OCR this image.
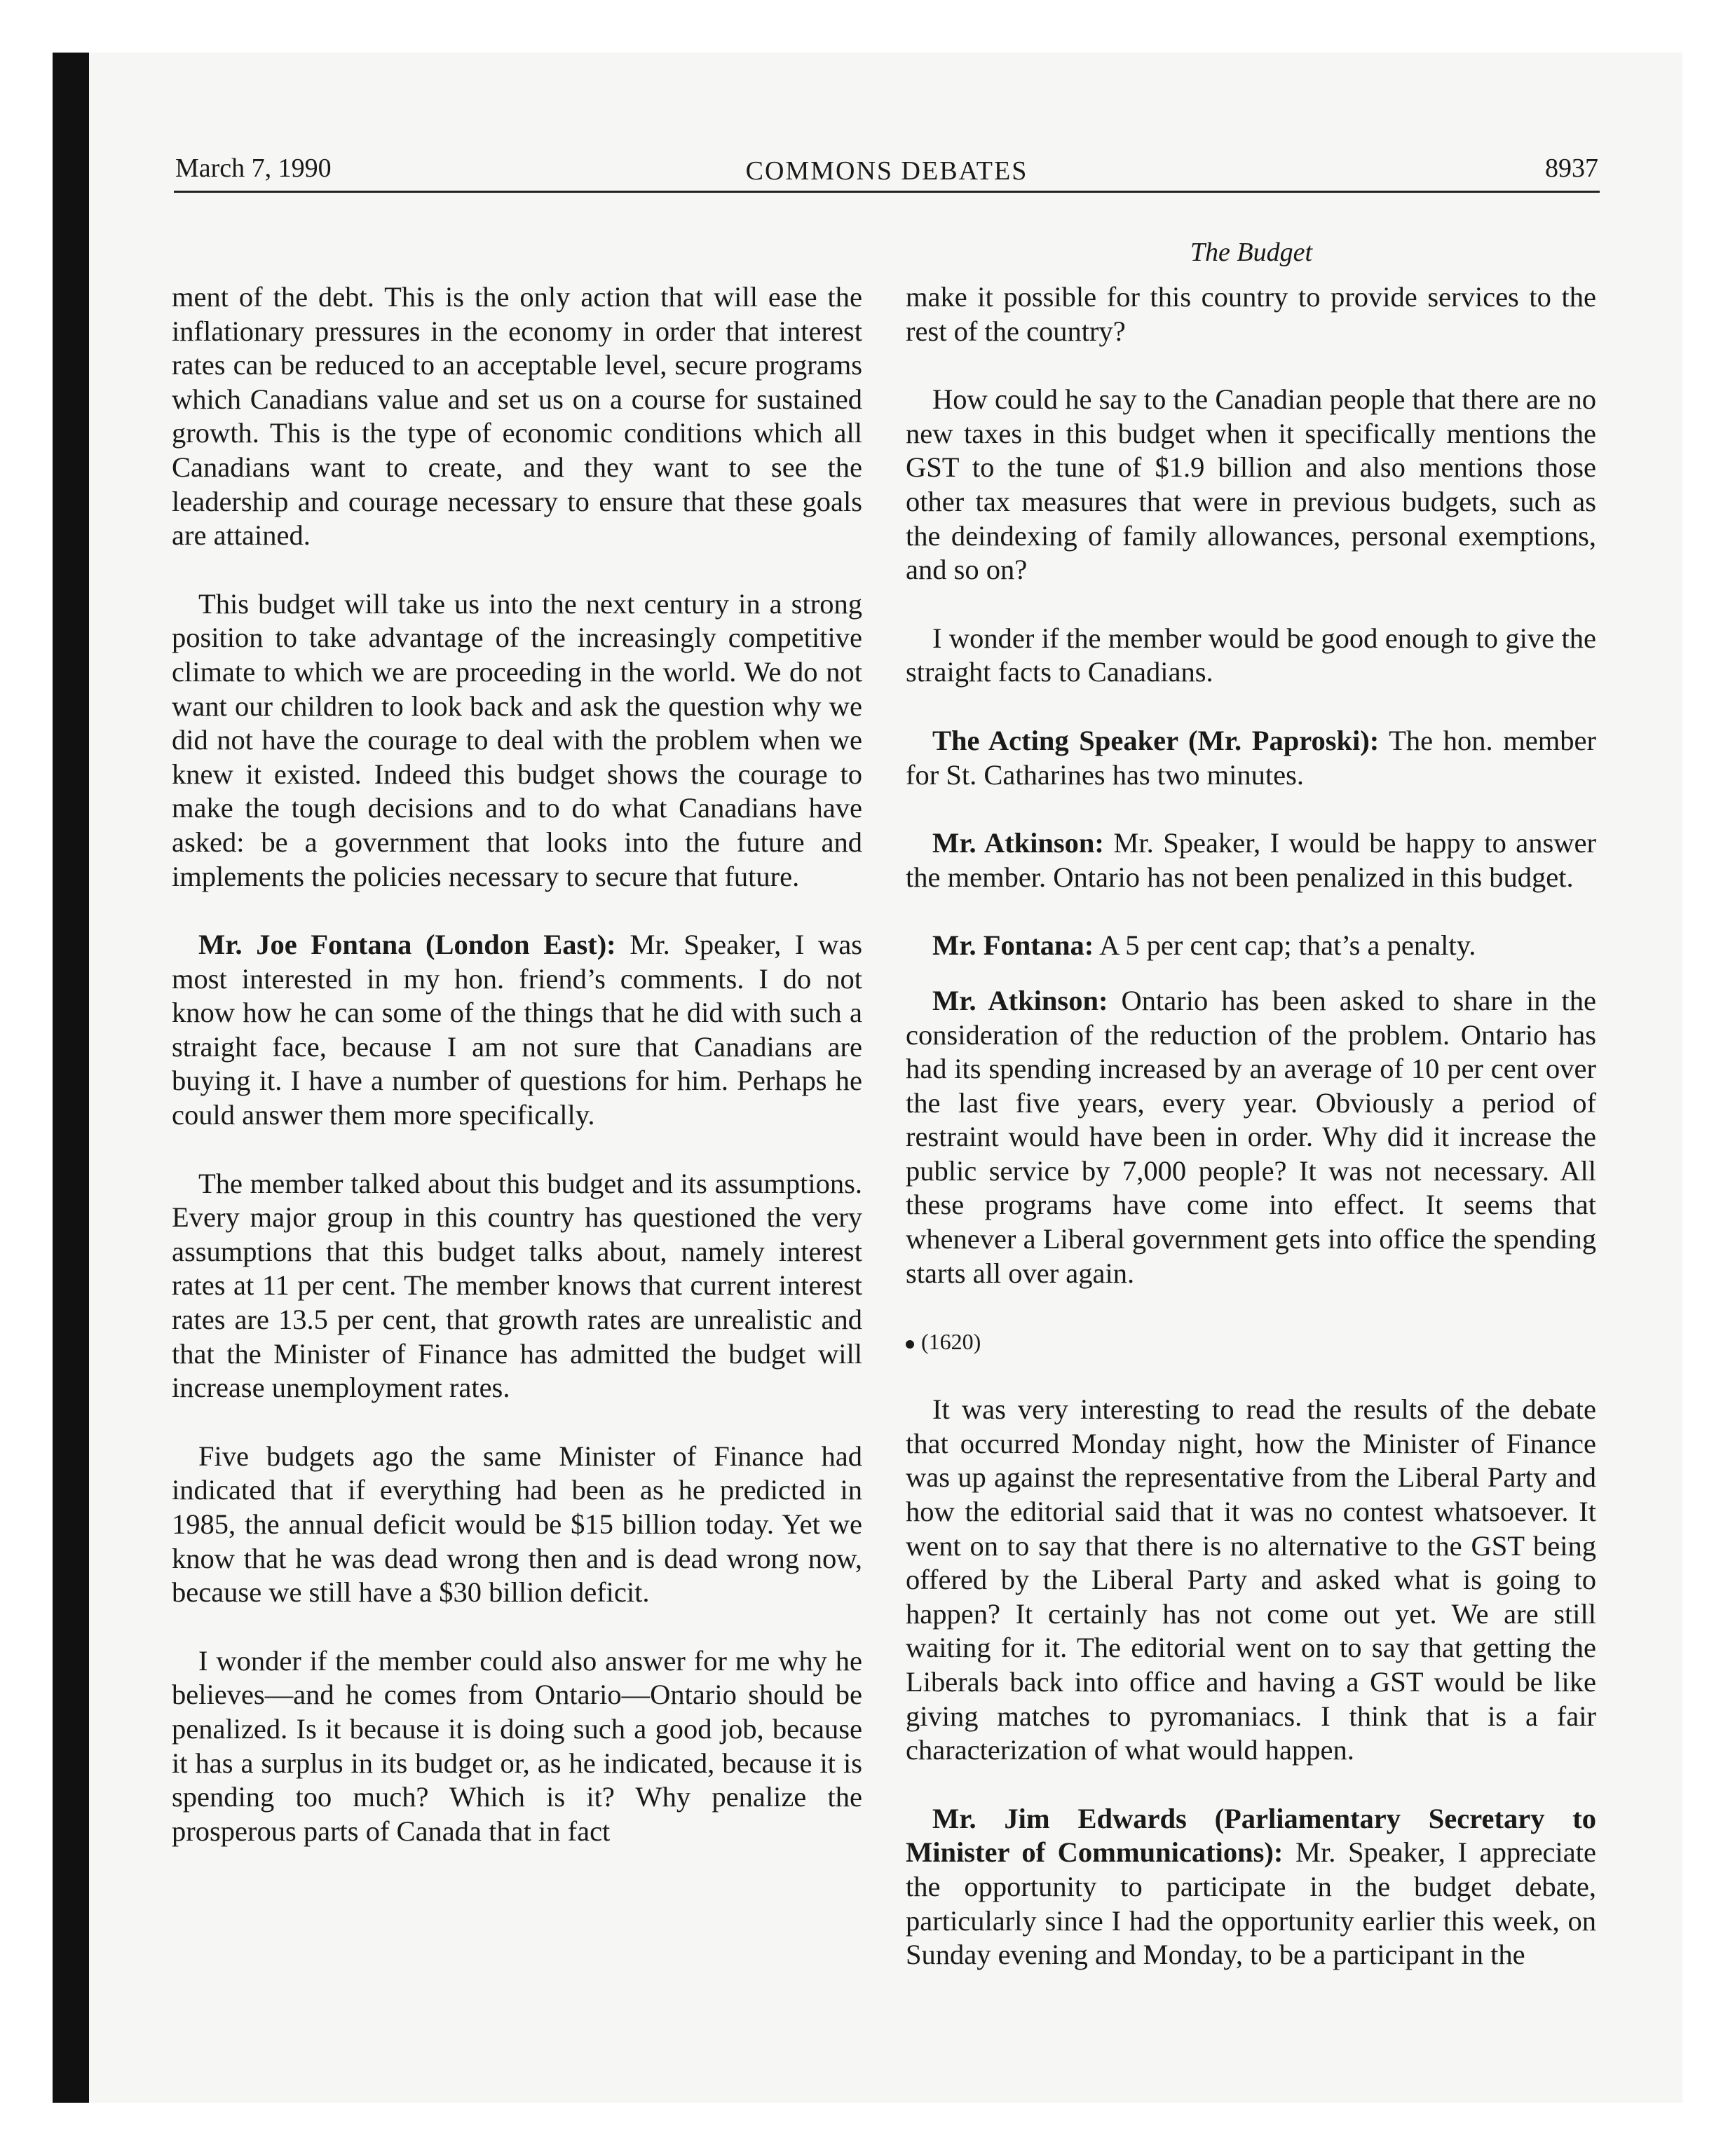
March 7, 1990	COMMONS DEBATES	8937
The Budget

ment of the debt. This is the only action that will ease the inflationary pressures in the economy in order that interest rates can be reduced to an acceptable level, secure programs which Canadians value and set us on a course for sustained growth. This is the type of economic conditions which all Canadians want to create, and they want to see the leadership and courage necessary to ensure that these goals are attained.

This budget will take us into the next century in a strong position to take advantage of the increasingly competitive climate to which we are proceeding in the world. We do not want our children to look back and ask the question why we did not have the courage to deal with the problem when we knew it existed. Indeed this budget shows the courage to make the tough decisions and to do what Canadians have asked: be a government that looks into the future and implements the policies necessary to secure that future.

Mr. Joe Fontana (London East): Mr. Speaker, I was most interested in my hon. friend’s comments. I do not know how he can some of the things that he did with such a straight face, because I am not sure that Canadians are buying it. I have a number of questions for him. Perhaps he could answer them more specifically.

The member talked about this budget and its assumptions. Every major group in this country has questioned the very assumptions that this budget talks about, namely interest rates at 11 per cent. The member knows that current interest rates are 13.5 per cent, that growth rates are unrealistic and that the Minister of Finance has admitted the budget will increase unemployment rates.

Five budgets ago the same Minister of Finance had indicated that if everything had been as he predicted in 1985, the annual deficit would be $15 billion today. Yet we know that he was dead wrong then and is dead wrong now, because we still have a $30 billion deficit.

I wonder if the member could also answer for me why he believes—and he comes from Ontario—Ontario should be penalized. Is it because it is doing such a good job, because it has a surplus in its budget or, as he indicated, because it is spending too much? Which is it? Why penalize the prosperous parts of Canada that in fact

make it possible for this country to provide services to the rest of the country?

How could he say to the Canadian people that there are no new taxes in this budget when it specifically mentions the GST to the tune of $1.9 billion and also mentions those other tax measures that were in previous budgets, such as the deindexing of family allowances, personal exemptions, and so on?

I wonder if the member would be good enough to give the straight facts to Canadians.

The Acting Speaker (Mr. Paproski): The hon. member for St. Catharines has two minutes.

Mr. Atkinson: Mr. Speaker, I would be happy to answer the member. Ontario has not been penalized in this budget.

Mr. Fontana: A 5 per cent cap; that’s a penalty.

Mr. Atkinson: Ontario has been asked to share in the consideration of the reduction of the problem. Ontario has had its spending increased by an average of 10 per cent over the last five years, every year. Obviously a period of restraint would have been in order. Why did it increase the public service by 7,000 people? It was not necessary. All these programs have come into effect. It seems that whenever a Liberal government gets into office the spending starts all over again.

(1620)

It was very interesting to read the results of the debate that occurred Monday night, how the Minister of Finance was up against the representative from the Liberal Party and how the editorial said that it was no contest whatsoever. It went on to say that there is no alternative to the GST being offered by the Liberal Party and asked what is going to happen? It certainly has not come out yet. We are still waiting for it. The editorial went on to say that getting the Liberals back into office and having a GST would be like giving matches to pyromaniacs. I think that is a fair characterization of what would happen.

Mr. Jim Edwards (Parliamentary Secretary to Minister of Communications): Mr. Speaker, I appreciate the opportunity to participate in the budget debate, particularly since I had the opportunity earlier this week, on Sunday evening and Monday, to be a participant in the
